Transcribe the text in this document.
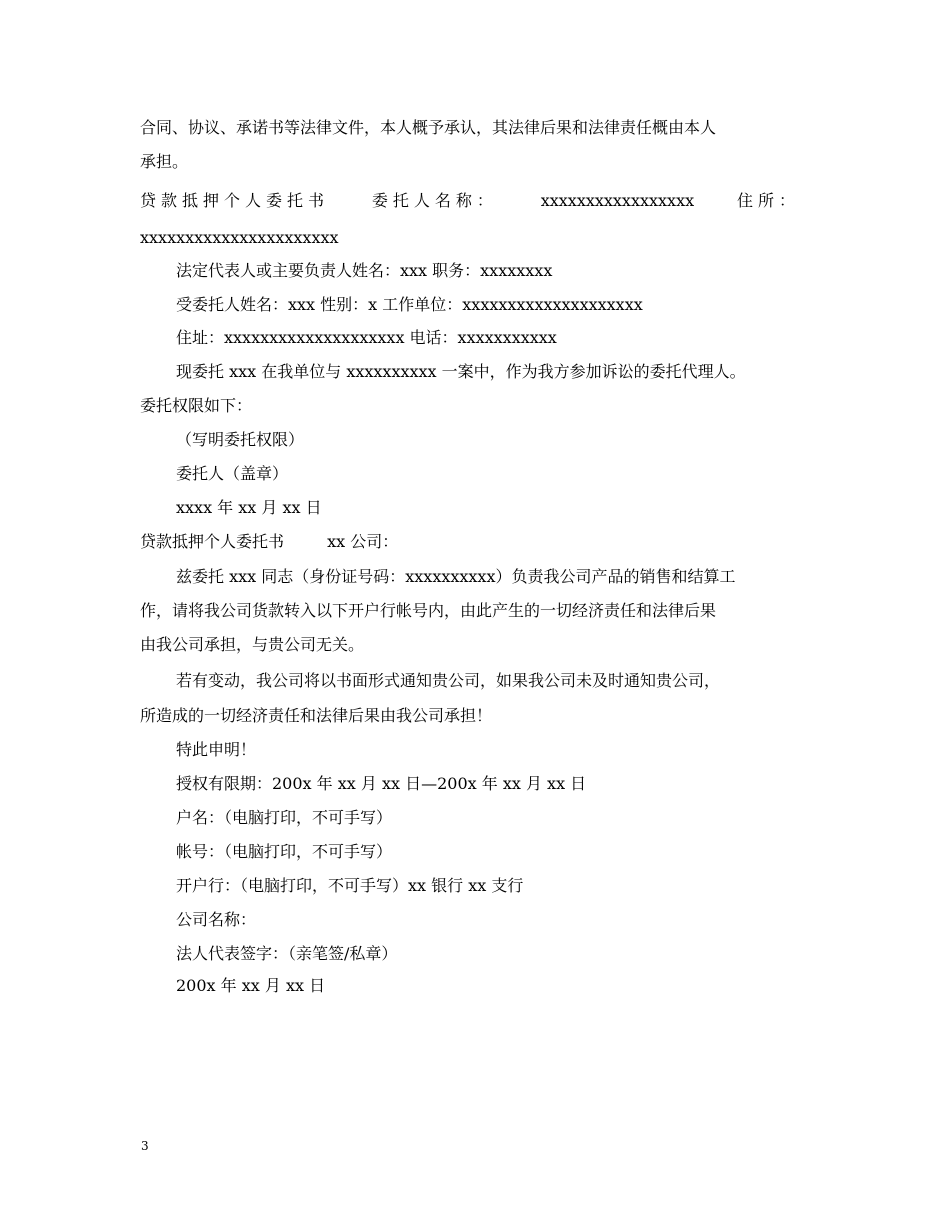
合同、协议、承诺书等法律文件，本人概予承认，其法律后果和法律责任概由本人
承担。
贷款抵押个人委托书	委托人名称：	xxxxxxxxxxxxxxxxx	住所：
xxxxxxxxxxxxxxxxxxxxxx
法定代表人或主要负责人姓名：xxx 职务：xxxxxxxx
受委托人姓名：xxx 性别：x 工作单位：xxxxxxxxxxxxxxxxxxxx
住址：xxxxxxxxxxxxxxxxxxxx 电话：xxxxxxxxxxx
现委托 xxx 在我单位与 xxxxxxxxxx 一案中，作为我方参加诉讼的委托代理人。
委托权限如下：
（写明委托权限）
委托人（盖章）
xxxx 年 xx 月 xx 日
贷款抵押个人委托书	xx 公司：
兹委托 xxx 同志（身份证号码：xxxxxxxxxx）负责我公司产品的销售和结算工
作，请将我公司货款转入以下开户行帐号内，由此产生的一切经济责任和法律后果
由我公司承担，与贵公司无关。
若有变动，我公司将以书面形式通知贵公司，如果我公司未及时通知贵公司，
所造成的一切经济责任和法律后果由我公司承担！
特此申明！
授权有限期：200x 年 xx 月 xx 日—200x 年 xx 月 xx 日
户名：（电脑打印，不可手写）
帐号：（电脑打印，不可手写）
开户行：（电脑打印，不可手写）xx 银行 xx 支行
公司名称：
法人代表签字：（亲笔签/私章）
200x 年 xx 月 xx 日
3
